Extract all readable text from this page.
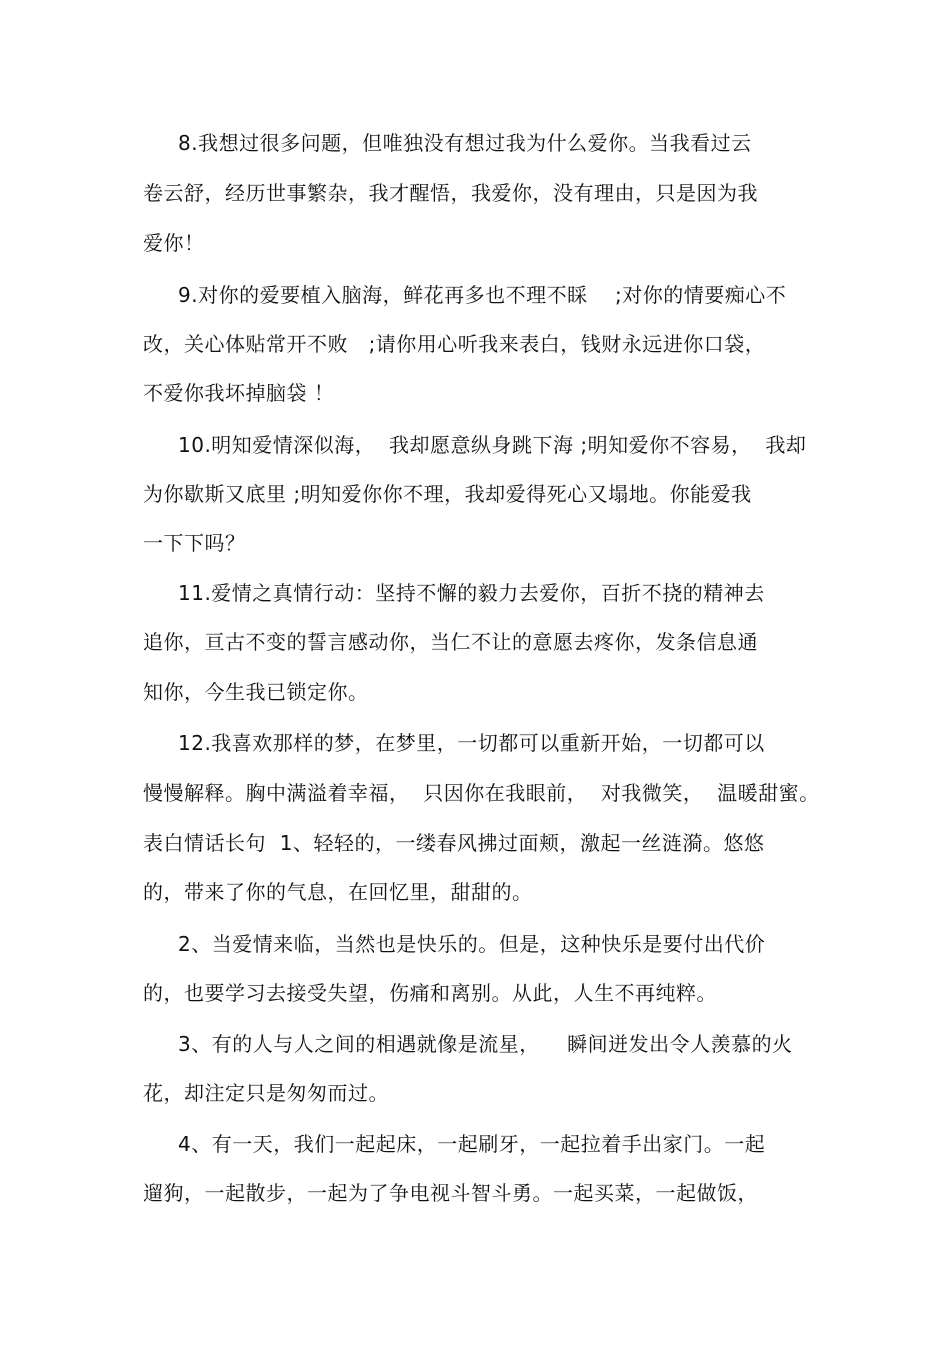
8.我想过很多问题，但唯独没有想过我为什么爱你。当我看过云
卷云舒，经历世事繁杂，我才醒悟，我爱你，没有理由，只是因为我
爱你！
9.对你的爱要植入脑海，鲜花再多也不理不睬    ;对你的情要痴心不
改，关心体贴常开不败   ;请你用心听我来表白，钱财永远进你口袋，
不爱你我坏掉脑袋 ！
10.明知爱情深似海，  我却愿意纵身跳下海 ;明知爱你不容易，  我却
为你歇斯又底里 ;明知爱你你不理，我却爱得死心又塌地。你能爱我
一下下吗？
11.爱情之真情行动：坚持不懈的毅力去爱你，百折不挠的精神去
追你，亘古不变的誓言感动你，当仁不让的意愿去疼你，发条信息通
知你，今生我已锁定你。
12.我喜欢那样的梦，在梦里，一切都可以重新开始，一切都可以
慢慢解释。胸中满溢着幸福，  只因你在我眼前，  对我微笑，  温暖甜蜜。
表白情话长句  1、轻轻的，一缕春风拂过面颊，激起一丝涟漪。悠悠
的，带来了你的气息，在回忆里，甜甜的。
2、当爱情来临，当然也是快乐的。但是，这种快乐是要付出代价
的，也要学习去接受失望，伤痛和离别。从此，人生不再纯粹。
3、有的人与人之间的相遇就像是流星，    瞬间迸发出令人羡慕的火
花，却注定只是匆匆而过。
4、有一天，我们一起起床，一起刷牙，一起拉着手出家门。一起
遛狗，一起散步，一起为了争电视斗智斗勇。一起买菜，一起做饭，
